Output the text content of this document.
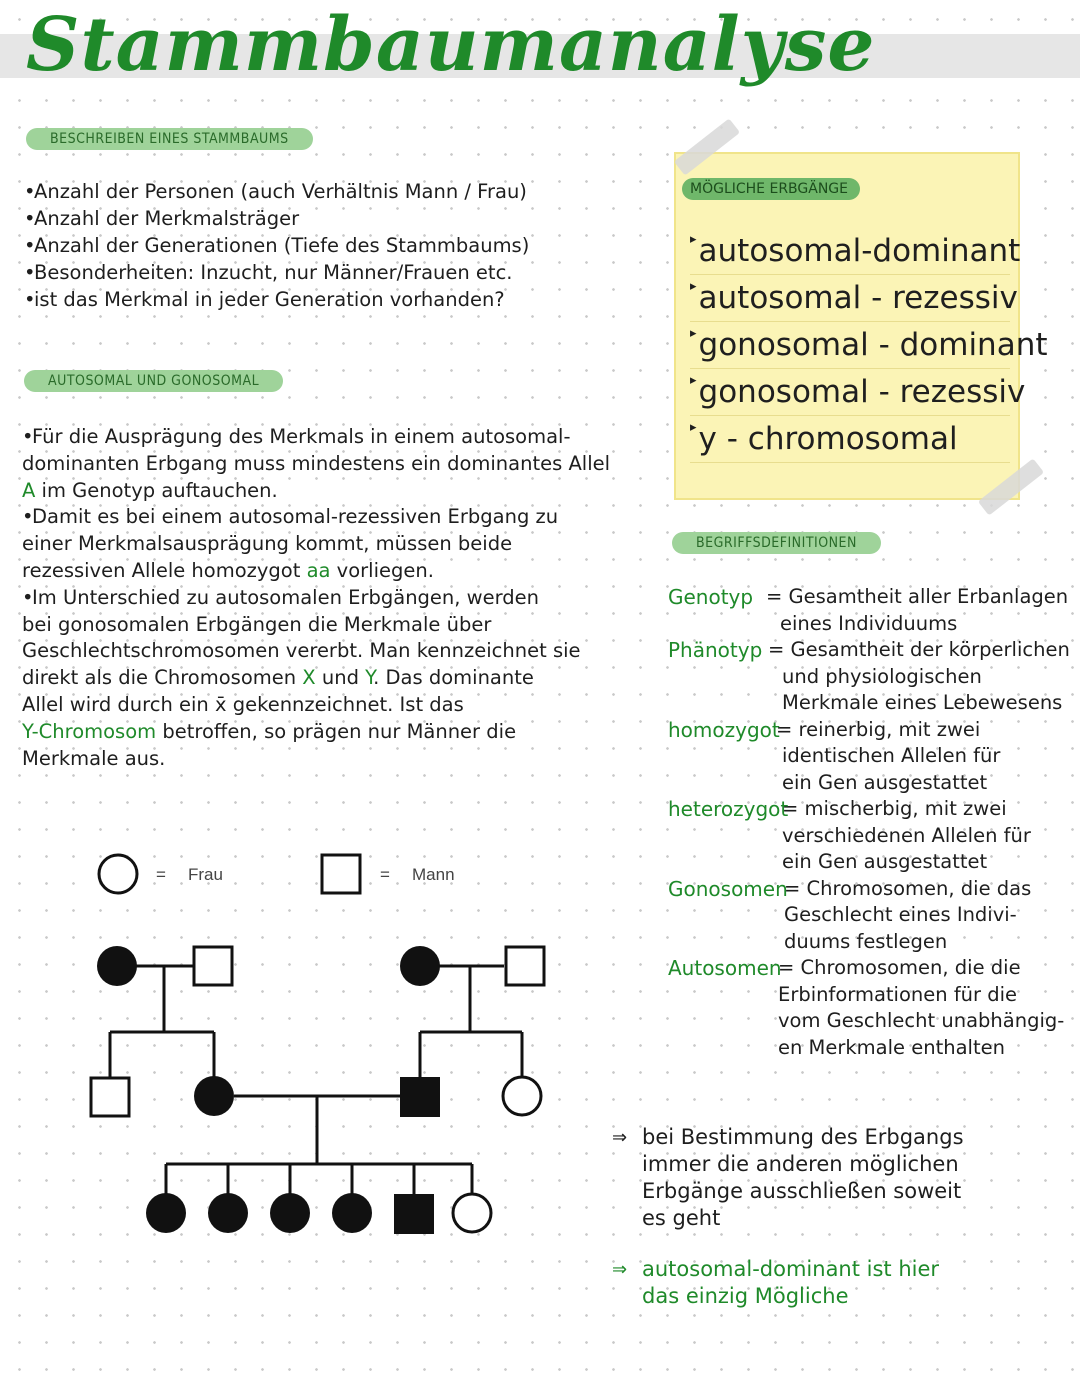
Stammbaumanalyse
BESCHREIBEN EINES STAMMBAUMS
•Anzahl der Personen (auch Verhältnis Mann / Frau)
•Anzahl der Merkmalsträger
•Anzahl der Generationen (Tiefe des Stammbaums)
•Besonderheiten: Inzucht, nur Männer/Frauen etc.
•ist das Merkmal in jeder Generation vorhanden?
AUTOSOMAL UND GONOSOMAL
•Für die Ausprägung des Merkmals in einem autosomal-
dominanten Erbgang muss mindestens ein dominantes Allel
A im Genotyp auftauchen.
•Damit es bei einem autosomal-rezessiven Erbgang zu
einer Merkmalsausprägung kommt, müssen beide
rezessiven Allele homozygot aa vorliegen.
•Im Unterschied zu autosomalen Erbgängen, werden
bei gonosomalen Erbgängen die Merkmale über
Geschlechtschromosomen vererbt. Man kennzeichnet sie
direkt als die Chromosomen X und Y. Das dominante
Allel wird durch ein x̄ gekennzeichnet. Ist das
Y-Chromosom betroffen, so prägen nur Männer die
Merkmale aus.
MÖGLICHE ERBGÄNGE
▸autosomal-dominant
▸autosomal - rezessiv
▸gonosomal - dominant
▸gonosomal - rezessiv
▸y - chromosomal
BEGRIFFSDEFINITIONEN
Genotyp = Gesamtheit aller Erbanlagen
eines Individuums

Phänotyp = Gesamtheit der körperlichen
und physiologischen
Merkmale eines Lebewesens

homozygot

= reinerbig, mit zwei
identischen Allelen für
ein Gen ausgestattet

heterozygot

= mischerbig, mit zwei
verschiedenen Allelen für
ein Gen ausgestattet

Gonosomen

= Chromosomen, die das
Geschlecht eines Indivi-
duums festlegen

Autosomen

= Chromosomen, die die
Erbinformationen für die
vom Geschlecht unabhängig-
en Merkmale enthalten

= Frau	= Mann
⇒ bei Bestimmung des Erbgangs
immer die anderen möglichen
Erbgänge ausschließen soweit
es geht
⇒ autosomal-dominant ist hier
das einzig Mögliche
